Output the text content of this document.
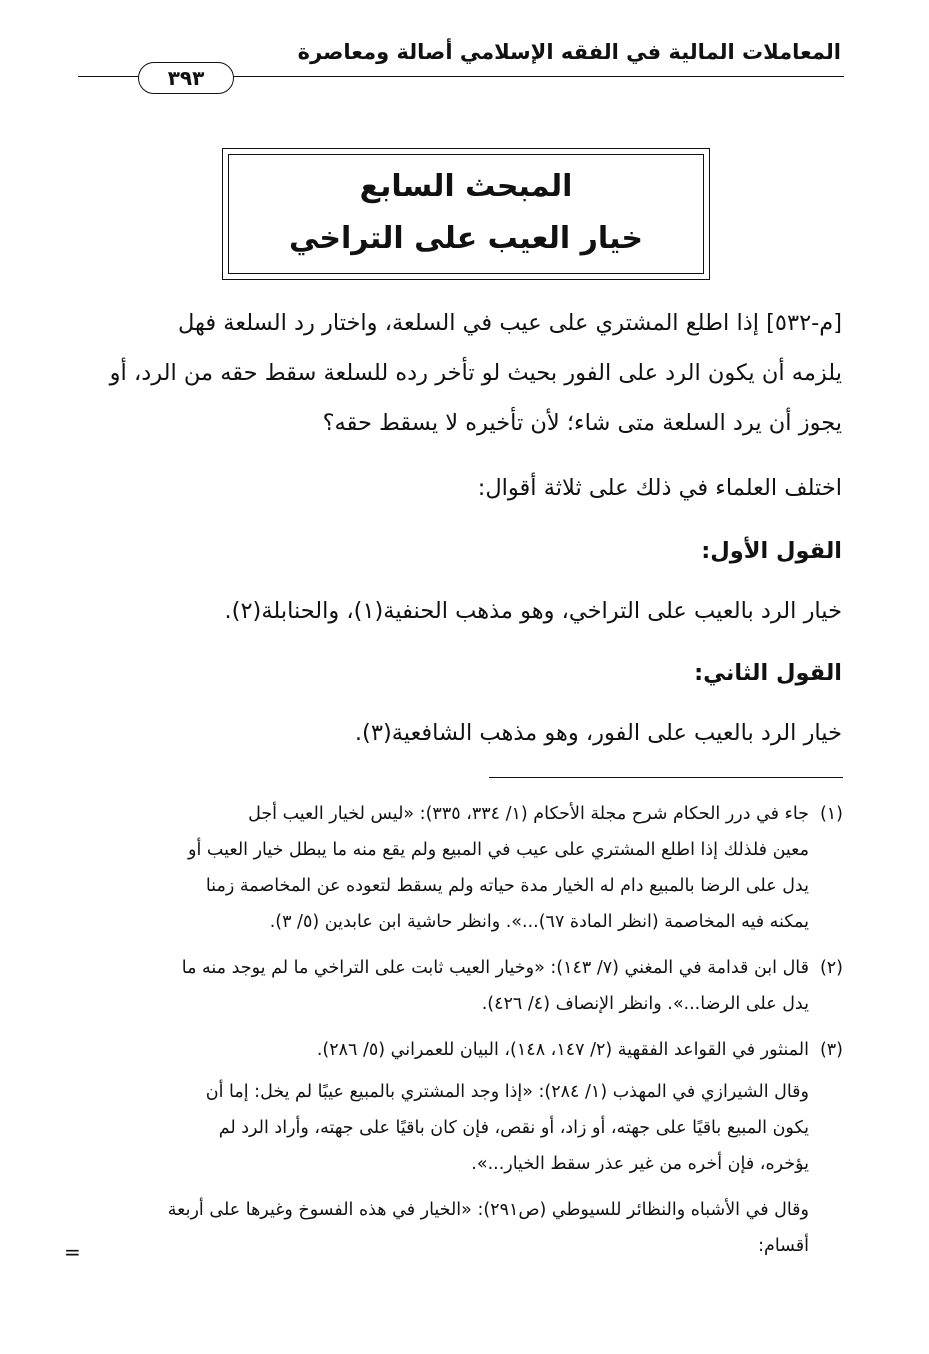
المعاملات المالية في الفقه الإسلامي أصالة ومعاصرة
٣٩٣
المبحث السابع
خيار العيب على التراخي
[م-٥٣٢] إذا اطلع المشتري على عيب في السلعة، واختار رد السلعة فهل
يلزمه أن يكون الرد على الفور بحيث لو تأخر رده للسلعة سقط حقه من الرد، أو
يجوز أن يرد السلعة متى شاء؛ لأن تأخيره لا يسقط حقه؟
اختلف العلماء في ذلك على ثلاثة أقوال:
القول الأول:
خيار الرد بالعيب على التراخي، وهو مذهب الحنفية(١)، والحنابلة(٢).
القول الثاني:
خيار الرد بالعيب على الفور، وهو مذهب الشافعية(٣).
(١)جاء في درر الحكام شرح مجلة الأحكام (١/ ٣٣٤، ٣٣٥): «ليس لخيار العيب أجل
معين فلذلك إذا اطلع المشتري على عيب في المبيع ولم يقع منه ما يبطل خيار العيب أو
يدل على الرضا بالمبيع دام له الخيار مدة حياته ولم يسقط لتعوده عن المخاصمة زمنا
يمكنه فيه المخاصمة (انظر المادة ٦٧)...». وانظر حاشية ابن عابدين (٥/ ٣).
(٢)قال ابن قدامة في المغني (٧/ ١٤٣): «وخيار العيب ثابت على التراخي ما لم يوجد منه ما
يدل على الرضا...». وانظر الإنصاف (٤/ ٤٢٦).
(٣)المنثور في القواعد الفقهية (٢/ ١٤٧، ١٤٨)، البيان للعمراني (٥/ ٢٨٦).
وقال الشيرازي في المهذب (١/ ٢٨٤): «إذا وجد المشتري بالمبيع عيبًا لم يخل: إما أن
يكون المبيع باقيًا على جهته، أو زاد، أو نقص، فإن كان باقيًا على جهته، وأراد الرد لم
يؤخره، فإن أخره من غير عذر سقط الخيار...».
وقال في الأشباه والنظائر للسيوطي (ص٢٩١): «الخيار في هذه الفسوخ وغيرها على أربعة
أقسام:
=
